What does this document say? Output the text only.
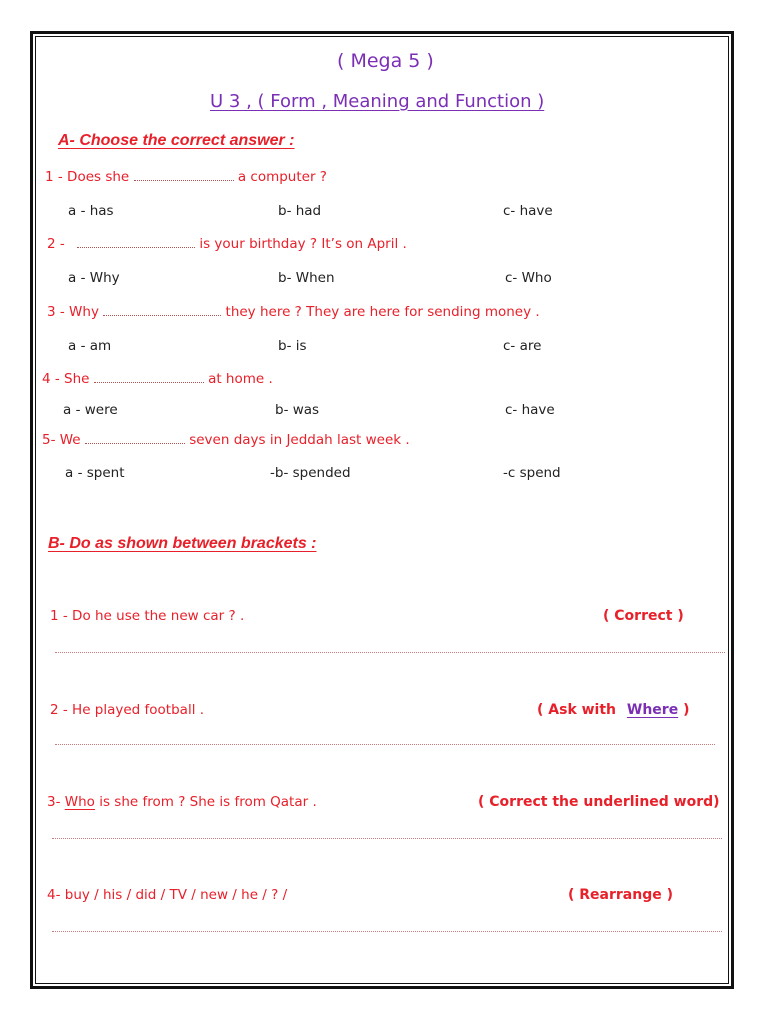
( Mega 5 )
U 3 , ( Form , Meaning and Function )
A- Choose the correct answer :
1 - Does she	a computer ?
a - has	b- had	c- have
2 -	is your birthday ? It’s on April .
a - Why	b- When	c- Who
3 - Why	they here ? They are here for sending money .
a - am	b- is	c- are
4 - She	at home .
a - were	b- was	c- have
5- We	seven days in Jeddah last week .
a - spent	-b- spended	-c spend
B- Do as shown between brackets :
1 - Do he use the new car ? .	( Correct )
2 - He played football .	( Ask with Where )
3- Who is she from ? She is from Qatar .	( Correct the underlined word)
4- buy / his / did / TV / new / he / ? /	( Rearrange )
